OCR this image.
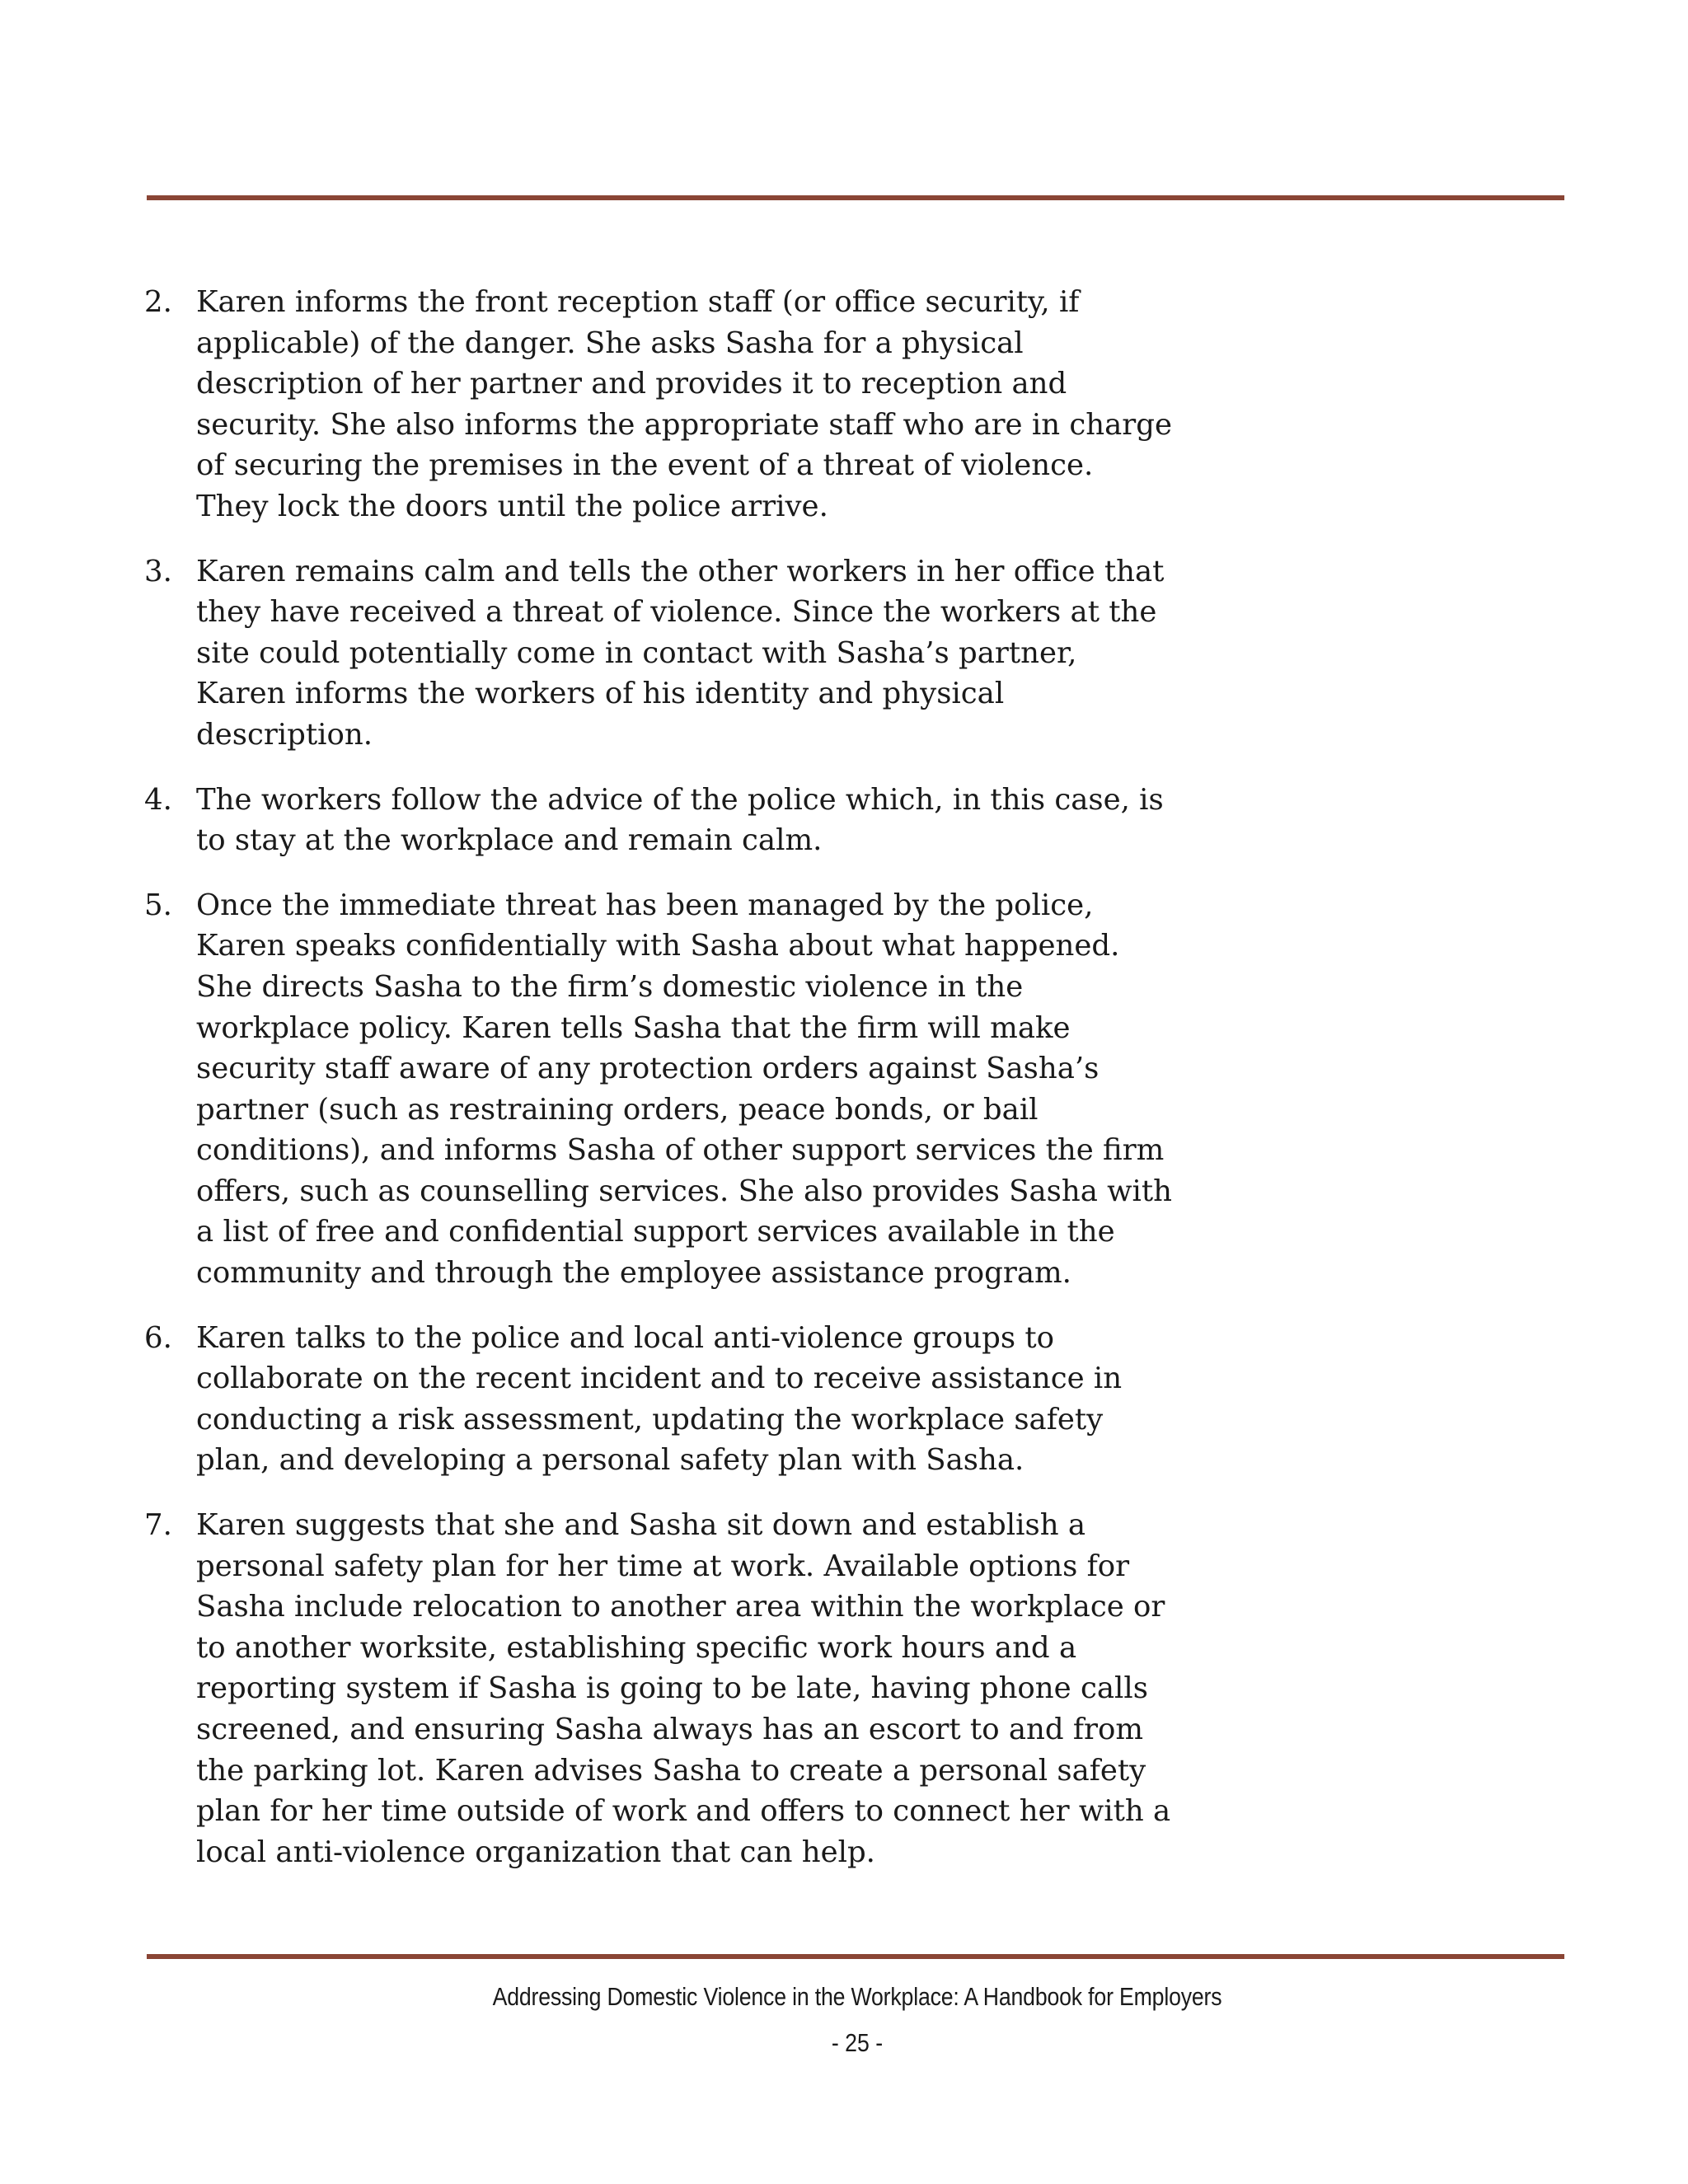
2. Karen informs the front reception staff (or office security, if applicable) of the danger. She asks Sasha for a physical description of her partner and provides it to reception and security. She also informs the appropriate staff who are in charge of securing the premises in the event of a threat of violence. They lock the doors until the police arrive.
3. Karen remains calm and tells the other workers in her office that they have received a threat of violence. Since the workers at the site could potentially come in contact with Sasha’s partner, Karen informs the workers of his identity and physical description.
4. The workers follow the advice of the police which, in this case, is to stay at the workplace and remain calm.
5. Once the immediate threat has been managed by the police, Karen speaks confidentially with Sasha about what happened. She directs Sasha to the firm’s domestic violence in the workplace policy. Karen tells Sasha that the firm will make security staff aware of any protection orders against Sasha’s partner (such as restraining orders, peace bonds, or bail conditions), and informs Sasha of other support services the firm offers, such as counselling services. She also provides Sasha with a list of free and confidential support services available in the community and through the employee assistance program.
6. Karen talks to the police and local anti-violence groups to collaborate on the recent incident and to receive assistance in conducting a risk assessment, updating the workplace safety plan, and developing a personal safety plan with Sasha.
7. Karen suggests that she and Sasha sit down and establish a personal safety plan for her time at work. Available options for Sasha include relocation to another area within the workplace or to another worksite, establishing specific work hours and a reporting system if Sasha is going to be late, having phone calls screened, and ensuring Sasha always has an escort to and from the parking lot. Karen advises Sasha to create a personal safety plan for her time outside of work and offers to connect her with a local anti-violence organization that can help.
Addressing Domestic Violence in the Workplace: A Handbook for Employers
- 25 -
